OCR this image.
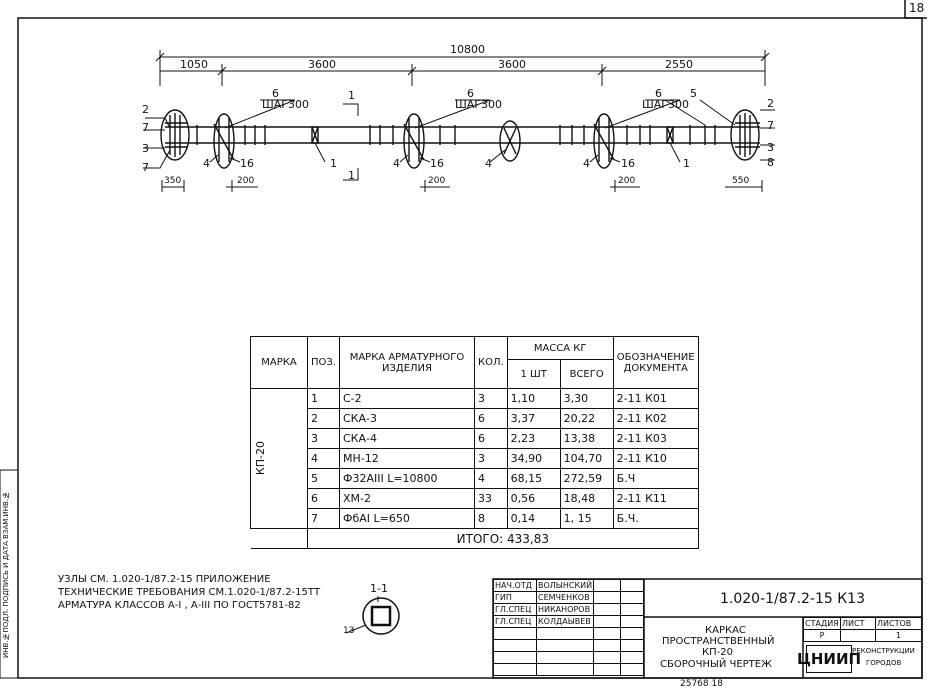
18
10800
1050	3600	3600	2550
6
ШАГ300
6
ШАГ300
6
ШАГ300
5
2
7
3
7	4	16	1	4	16	4	4	16	1
2
7
3
8
1
1
350	200	200	200	550
МАРКА	ПОЗ.	МАРКА АРМАТУРНОГО ИЗДЕЛИЯ	КОЛ.	МАССА КГ		ОБОЗНАЧЕНИЕ ДОКУМЕНТА
				1 ШТ	ВСЕГО	

КП-20	1	С-2	3	1,10	3,30	2-11 К01
	2	СКА-3	6	3,37	20,22	2-11 К02
	3	СКА-4	6	2,23	13,38	2-11 К03
	4	МН-12	3	34,90	104,70	2-11 К10
	5	Ф32АIII L=10800	4	68,15	272,59	Б.Ч
	6	ХМ-2	33	0,56	18,48	2-11 К11
	7	ФбАI L=650	8	0,14	1, 15	Б.Ч.
	ИТОГО: 433,83					
УЗЛЫ СМ. 1.020-1/87.2-15 ПРИЛОЖЕНИЕ
ТЕХНИЧЕСКИЕ ТРЕБОВАНИЯ СМ.1.020-1/87.2-15ТТ
АРМАТУРА КЛАССОВ А-I , А-III ПО ГОСТ5781-82
1-1
13
НАЧ.ОТД	ВОЛЫНСКИЙ		
ГИП	СЕМЧЕНКОВ		
ГЛ.СПЕЦ	НИКАНОРОВ		
ГЛ.СПЕЦ	КОЛДАЫВЕВ		

1.020-1/87.2-15 К13
КАРКАС
ПРОСТРАНСТВЕННЫЙ
КП-20
СБОРОЧНЫЙ ЧЕРТЕЖ
СТАДИЯ	ЛИСТ	ЛИСТОВ
Р		1
ЦНИИП
РЕКОНСТРУКЦИИ
ГОРОДОВ
ИНВ.№ПОДЛ. ПОДПИСЬ И ДАТА ВЗАМ.ИНВ.№
25768 18
